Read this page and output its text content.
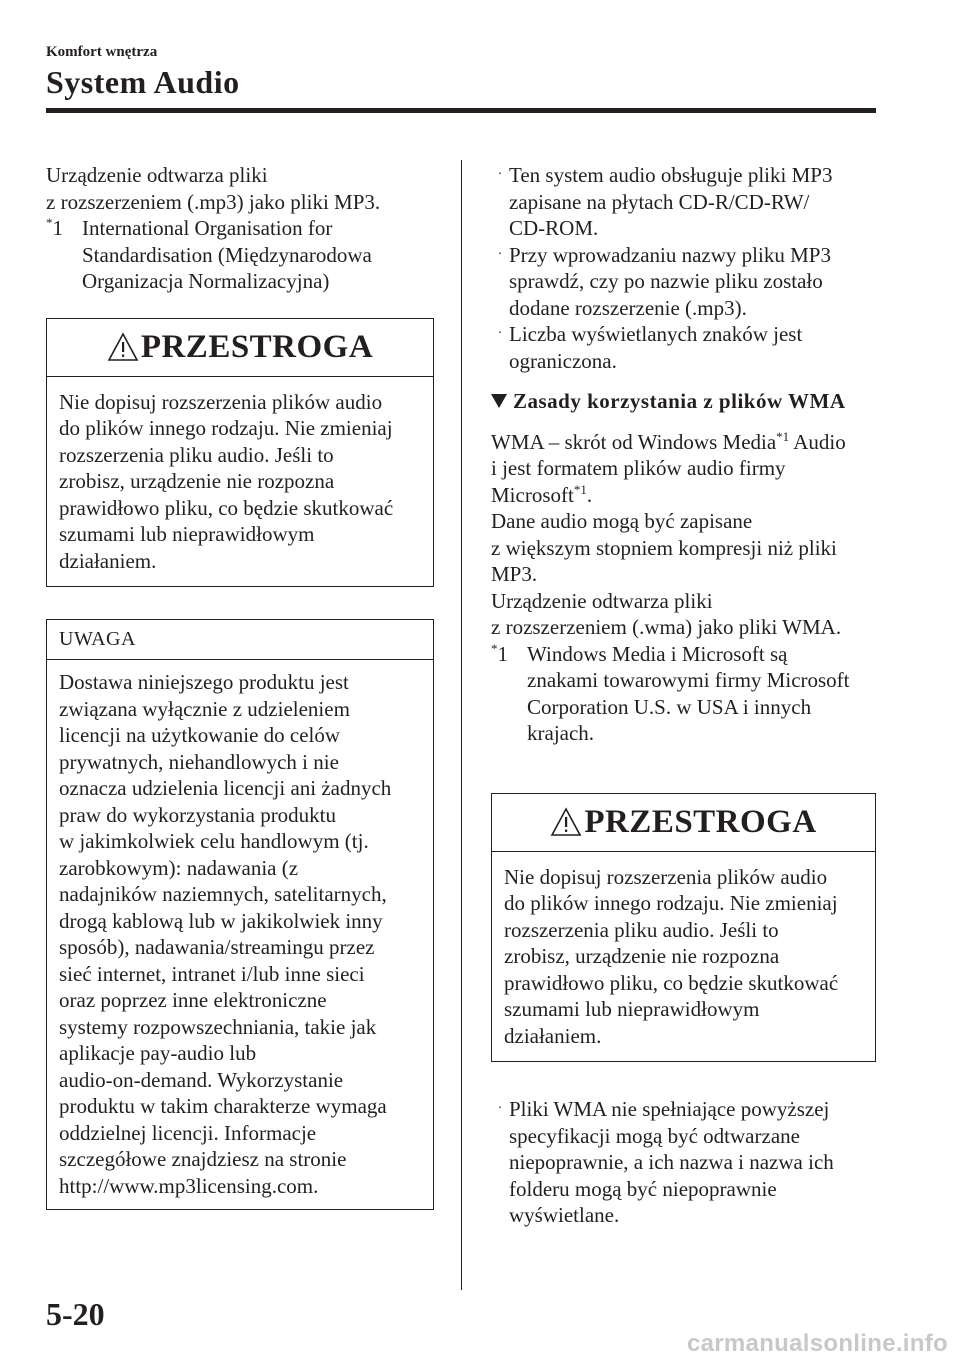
Komfort wnętrza
System Audio
Urządzenie odtwarza pliki
z rozszerzeniem (.mp3) jako pliki MP3.
*1 International Organisation for
Standardisation (Międzynarodowa
Organizacja Normalizacyjna)
PRZESTROGA
Nie dopisuj rozszerzenia plików audio
do plików innego rodzaju. Nie zmieniaj
rozszerzenia pliku audio. Jeśli to
zrobisz, urządzenie nie rozpozna
prawidłowo pliku, co będzie skutkować
szumami lub nieprawidłowym
działaniem.
UWAGA
Dostawa niniejszego produktu jest
związana wyłącznie z udzieleniem
licencji na użytkowanie do celów
prywatnych, niehandlowych i nie
oznacza udzielenia licencji ani żadnych
praw do wykorzystania produktu
w jakimkolwiek celu handlowym (tj.
zarobkowym): nadawania (z
nadajników naziemnych, satelitarnych,
drogą kablową lub w jakikolwiek inny
sposób), nadawania/streamingu przez
sieć internet, intranet i/lub inne sieci
oraz poprzez inne elektroniczne
systemy rozpowszechniania, takie jak
aplikacje pay-audio lub
audio-on-demand. Wykorzystanie
produktu w takim charakterze wymaga
oddzielnej licencji. Informacje
szczegółowe znajdziesz na stronie
http://www.mp3licensing.com.
· Ten system audio obsługuje pliki MP3
zapisane na płytach CD-R/CD-RW/
CD-ROM.
· Przy wprowadzaniu nazwy pliku MP3
sprawdź, czy po nazwie pliku zostało
dodane rozszerzenie (.mp3).
· Liczba wyświetlanych znaków jest
ograniczona.
Zasady korzystania z plików WMA
WMA – skrót od Windows Media$^{*1}$ Audio
i jest formatem plików audio firmy
Microsoft$^{*1}$.
Dane audio mogą być zapisane
z większym stopniem kompresji niż pliki
MP3.
Urządzenie odtwarza pliki
z rozszerzeniem (.wma) jako pliki WMA.
*1 Windows Media i Microsoft są
znakami towarowymi firmy Microsoft
Corporation U.S. w USA i innych
krajach.
PRZESTROGA
Nie dopisuj rozszerzenia plików audio
do plików innego rodzaju. Nie zmieniaj
rozszerzenia pliku audio. Jeśli to
zrobisz, urządzenie nie rozpozna
prawidłowo pliku, co będzie skutkować
szumami lub nieprawidłowym
działaniem.
· Pliki WMA nie spełniające powyższej
specyfikacji mogą być odtwarzane
niepoprawnie, a ich nazwa i nazwa ich
folderu mogą być niepoprawnie
wyświetlane.
5-20
carmanualsonline.info
